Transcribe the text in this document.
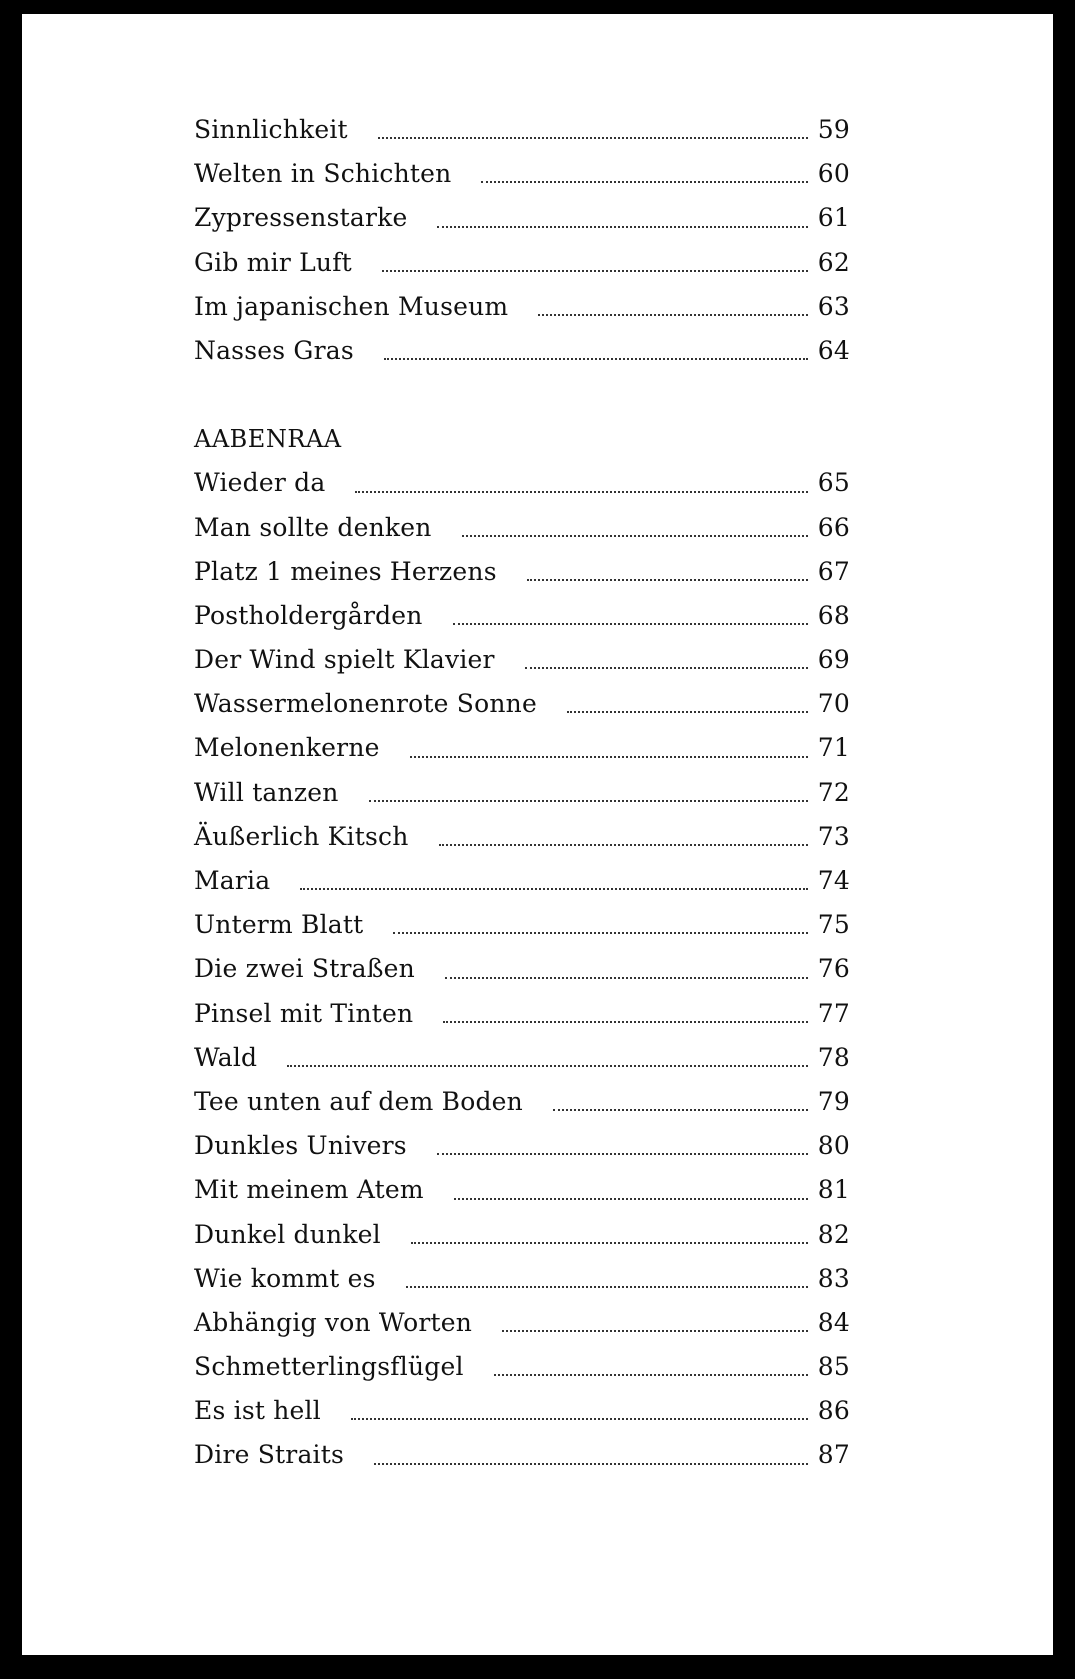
Sinnlichkeit	59
Welten in Schichten	60
Zypressenstarke	61
Gib mir Luft	62
Im japanischen Museum	63
Nasses Gras	64
AABENRAA
Wieder da	65
Man sollte denken	66
Platz 1 meines Herzens	67
Postholdergården	68
Der Wind spielt Klavier	69
Wassermelonenrote Sonne	70
Melonenkerne	71
Will tanzen	72
Äußerlich Kitsch	73
Maria	74
Unterm Blatt	75
Die zwei Straßen	76
Pinsel mit Tinten	77
Wald	78
Tee unten auf dem Boden	79
Dunkles Univers	80
Mit meinem Atem	81
Dunkel dunkel	82
Wie kommt es	83
Abhängig von Worten	84
Schmetterlingsflügel	85
Es ist hell	86
Dire Straits	87
